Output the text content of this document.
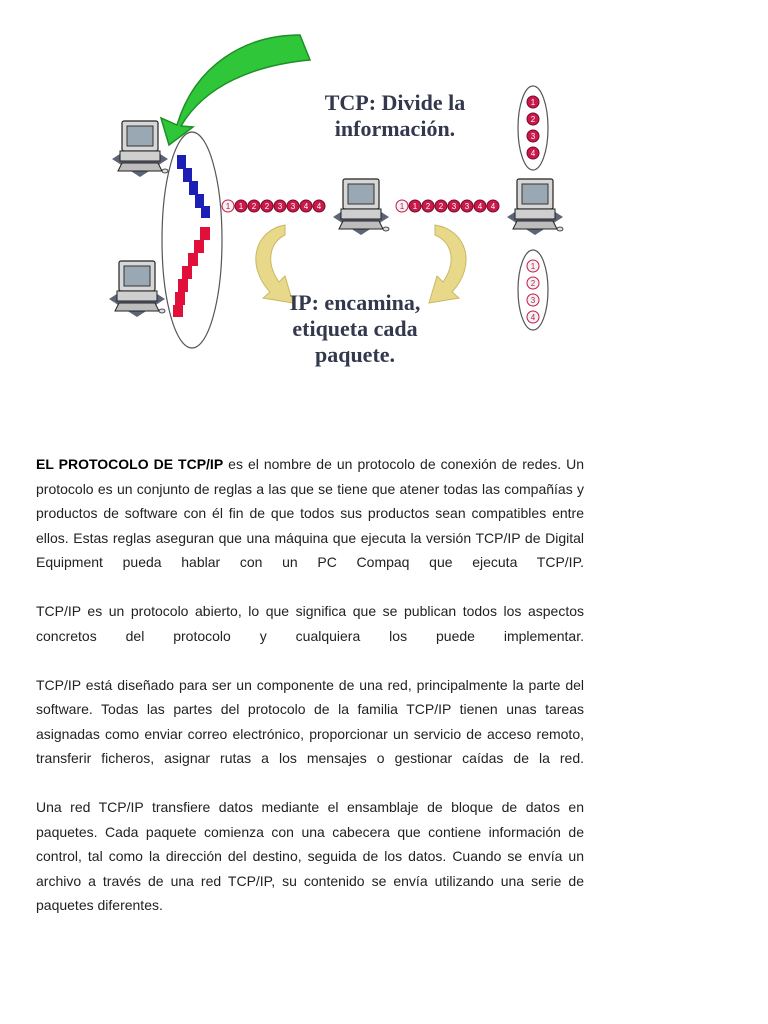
1 1 2 2 3 3 4 4	1 1 2 2 3 3 4 4
1
2
3
4
1
2
3
4
TCP: Divide la información.
IP: encamina, etiqueta cada paquete.

EL PROTOCOLO DE TCP/IP es el nombre de un protocolo de conexión de redes. Un protocolo es un conjunto de reglas a las que se tiene que atener todas las compañías y productos de software con él fin de que todos sus productos sean compatibles entre ellos. Estas reglas aseguran que una máquina que ejecuta la versión TCP/IP de Digital Equipment pueda hablar con un PC Compaq que ejecuta TCP/IP.

TCP/IP es un protocolo abierto, lo que significa que se publican todos los aspectos concretos del protocolo y cualquiera los puede implementar.

TCP/IP está diseñado para ser un componente de una red, principalmente la parte del software. Todas las partes del protocolo de la familia TCP/IP tienen unas tareas asignadas como enviar correo electrónico, proporcionar un servicio de acceso remoto, transferir ficheros, asignar rutas a los mensajes o gestionar caídas de la red.

Una red TCP/IP transfiere datos mediante el ensamblaje de bloque de datos en paquetes. Cada paquete comienza con una cabecera que contiene información de control, tal como la dirección del destino, seguida de los datos. Cuando se envía un archivo a través de una red TCP/IP, su contenido se envía utilizando una serie de paquetes diferentes.
